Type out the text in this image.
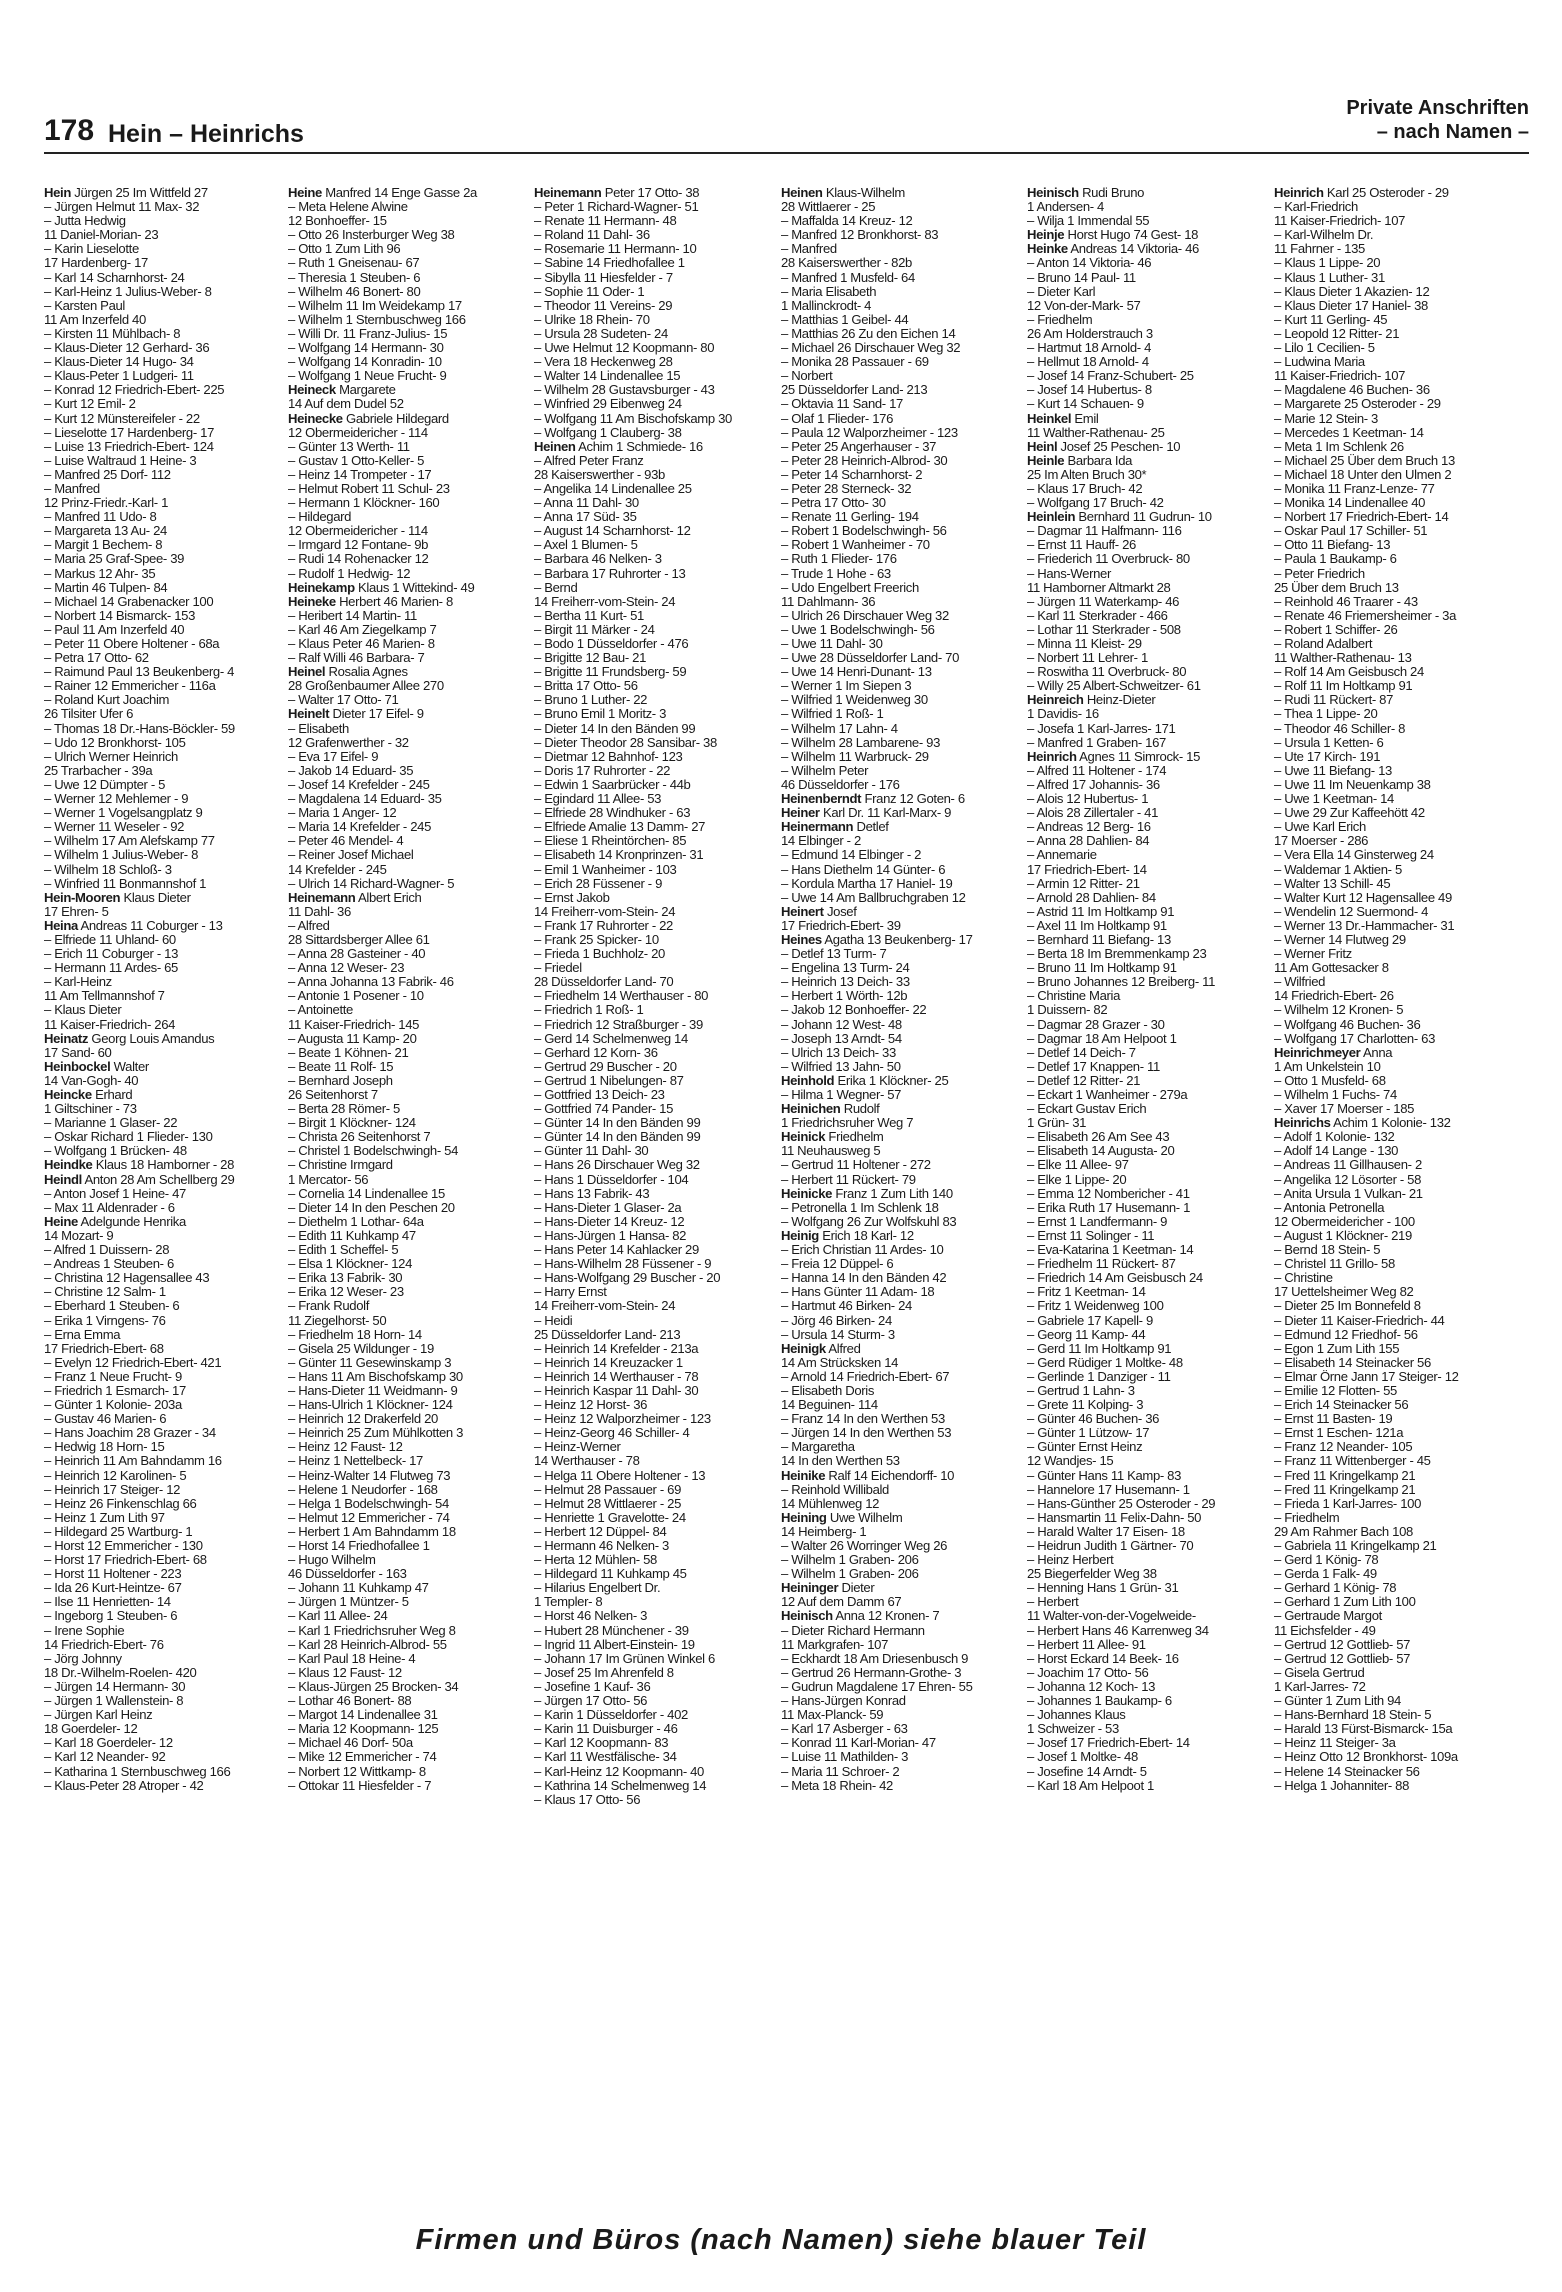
178 Hein – Heinrichs
Private Anschriften
– nach Namen –
Hein Jürgen 25 Im Wittfeld 27
– Jürgen Helmut 11 Max- 32
– Jutta Hedwig
11 Daniel-Morian- 23
– Karin Lieselotte
17 Hardenberg- 17
– Karl 14 Scharnhorst- 24
– Karl-Heinz 1 Julius-Weber- 8
– Karsten Paul
11 Am Inzerfeld 40
– Kirsten 11 Mühlbach- 8
– Klaus-Dieter 12 Gerhard- 36
– Klaus-Dieter 14 Hugo- 34
– Klaus-Peter 1 Ludgeri- 11
– Konrad 12 Friedrich-Ebert- 225
– Kurt 12 Emil- 2
– Kurt 12 Münstereifeler - 22
– Lieselotte 17 Hardenberg- 17
– Luise 13 Friedrich-Ebert- 124
– Luise Waltraud 1 Heine- 3
– Manfred 25 Dorf- 112
– Manfred
12 Prinz-Friedr.-Karl- 1
– Manfred 11 Udo- 8
– Margareta 13 Au- 24
– Margit 1 Bechem- 8
– Maria 25 Graf-Spee- 39
– Markus 12 Ahr- 35
– Martin 46 Tulpen- 84
– Michael 14 Grabenacker 100
– Norbert 14 Bismarck- 153
– Paul 11 Am Inzerfeld 40
– Peter 11 Obere Holtener - 68a
– Petra 17 Otto- 62
– Raimund Paul 13 Beukenberg- 4
– Rainer 12 Emmericher - 116a
– Roland Kurt Joachim
26 Tilsiter Ufer 6
– Thomas 18 Dr.-Hans-Böckler- 59
– Udo 12 Bronkhorst- 105
– Ulrich Werner Heinrich
25 Trarbacher - 39a
– Uwe 12 Dümpter - 5
– Werner 12 Mehlemer - 9
– Werner 1 Vogelsangplatz 9
– Werner 11 Weseler - 92
– Wilhelm 17 Am Alefskamp 77
– Wilhelm 1 Julius-Weber- 8
– Wilhelm 18 Schloß- 3
– Winfried 11 Bonmannshof 1
Hein-Mooren Klaus Dieter
17 Ehren- 5
Heina Andreas 11 Coburger - 13
– Elfriede 11 Uhland- 60
– Erich 11 Coburger - 13
– Hermann 11 Ardes- 65
– Karl-Heinz
11 Am Tellmannshof 7
– Klaus Dieter
11 Kaiser-Friedrich- 264
Heinatz Georg Louis Amandus
17 Sand- 60
Heinbockel Walter
14 Van-Gogh- 40
Heincke Erhard
1 Giltschiner - 73
– Marianne 1 Glaser- 22
– Oskar Richard 1 Flieder- 130
– Wolfgang 1 Brücken- 48
Heindke Klaus 18 Hamborner - 28
Heindl Anton 28 Am Schellberg 29
– Anton Josef 1 Heine- 47
– Max 11 Aldenrader - 6
Heine Adelgunde Henrika
14 Mozart- 9
– Alfred 1 Duissern- 28
– Andreas 1 Steuben- 6
– Christina 12 Hagensallee 43
– Christine 12 Salm- 1
– Eberhard 1 Steuben- 6
– Erika 1 Virngens- 76
– Erna Emma
17 Friedrich-Ebert- 68
– Evelyn 12 Friedrich-Ebert- 421
– Franz 1 Neue Frucht- 9
– Friedrich 1 Esmarch- 17
– Günter 1 Kolonie- 203a
– Gustav 46 Marien- 6
– Hans Joachim 28 Grazer - 34
– Hedwig 18 Horn- 15
– Heinrich 11 Am Bahndamm 16
– Heinrich 12 Karolinen- 5
– Heinrich 17 Steiger- 12
– Heinz 26 Finkenschlag 66
– Heinz 1 Zum Lith 97
– Hildegard 25 Wartburg- 1
– Horst 12 Emmericher - 130
– Horst 17 Friedrich-Ebert- 68
– Horst 11 Holtener - 223
– Ida 26 Kurt-Heintze- 67
– Ilse 11 Henrietten- 14
– Ingeborg 1 Steuben- 6
– Irene Sophie
14 Friedrich-Ebert- 76
– Jörg Johnny
18 Dr.-Wilhelm-Roelen- 420
– Jürgen 14 Hermann- 30
– Jürgen 1 Wallenstein- 8
– Jürgen Karl Heinz
18 Goerdeler- 12
– Karl 18 Goerdeler- 12
– Karl 12 Neander- 92
– Katharina 1 Sternbuschweg 166
– Klaus-Peter 28 Atroper - 42
Heine Manfred 14 Enge Gasse 2a
– Meta Helene Alwine
12 Bonhoeffer- 15
– Otto 26 Insterburger Weg 38
– Otto 1 Zum Lith 96
– Ruth 1 Gneisenau- 67
– Theresia 1 Steuben- 6
– Wilhelm 46 Bonert- 80
– Wilhelm 11 Im Weidekamp 17
– Wilhelm 1 Sternbuschweg 166
– Willi Dr. 11 Franz-Julius- 15
– Wolfgang 14 Hermann- 30
– Wolfgang 14 Konradin- 10
– Wolfgang 1 Neue Frucht- 9
Heineck Margarete
14 Auf dem Dudel 52
Heinecke Gabriele Hildegard
12 Obermeidericher - 114
– Günter 13 Werth- 11
– Gustav 1 Otto-Keller- 5
– Heinz 14 Trompeter - 17
– Helmut Robert 11 Schul- 23
– Hermann 1 Klöckner- 160
– Hildegard
12 Obermeidericher - 114
– Irmgard 12 Fontane- 9b
– Rudi 14 Rohenacker 12
– Rudolf 1 Hedwig- 12
Heinekamp Klaus 1 Wittekind- 49
Heineke Herbert 46 Marien- 8
– Heribert 14 Martin- 11
– Karl 46 Am Ziegelkamp 7
– Klaus Peter 46 Marien- 8
– Ralf Willi 46 Barbara- 7
Heinel Rosalia Agnes
28 Großenbaumer Allee 270
– Walter 17 Otto- 71
Heinelt Dieter 17 Eifel- 9
– Elisabeth
12 Grafenwerther - 32
– Eva 17 Eifel- 9
– Jakob 14 Eduard- 35
– Josef 14 Krefelder - 245
– Magdalena 14 Eduard- 35
– Maria 1 Anger- 12
– Maria 14 Krefelder - 245
– Peter 46 Mendel- 4
– Reiner Josef Michael
14 Krefelder - 245
– Ulrich 14 Richard-Wagner- 5
Heinemann Albert Erich
11 Dahl- 36
– Alfred
28 Sittardsberger Allee 61
– Anna 28 Gasteiner - 40
– Anna 12 Weser- 23
– Anna Johanna 13 Fabrik- 46
– Antonie 1 Posener - 10
– Antoinette
11 Kaiser-Friedrich- 145
– Augusta 11 Kamp- 20
– Beate 1 Köhnen- 21
– Beate 11 Rolf- 15
– Bernhard Joseph
26 Seitenhorst 7
– Berta 28 Römer- 5
– Birgit 1 Klöckner- 124
– Christa 26 Seitenhorst 7
– Christel 1 Bodelschwingh- 54
– Christine Irmgard
1 Mercator- 56
– Cornelia 14 Lindenallee 15
– Dieter 14 In den Peschen 20
– Diethelm 1 Lothar- 64a
– Edith 11 Kuhkamp 47
– Edith 1 Scheffel- 5
– Elsa 1 Klöckner- 124
– Erika 13 Fabrik- 30
– Erika 12 Weser- 23
– Frank Rudolf
11 Ziegelhorst- 50
– Friedhelm 18 Horn- 14
– Gisela 25 Wildunger - 19
– Günter 11 Gesewinskamp 3
– Hans 11 Am Bischofskamp 30
– Hans-Dieter 11 Weidmann- 9
– Hans-Ulrich 1 Klöckner- 124
– Heinrich 12 Drakerfeld 20
– Heinrich 25 Zum Mühlkotten 3
– Heinz 12 Faust- 12
– Heinz 1 Nettelbeck- 17
– Heinz-Walter 14 Flutweg 73
– Helene 1 Neudorfer - 168
– Helga 1 Bodelschwingh- 54
– Helmut 12 Emmericher - 74
– Herbert 1 Am Bahndamm 18
– Horst 14 Friedhofallee 1
– Hugo Wilhelm
46 Düsseldorfer - 163
– Johann 11 Kuhkamp 47
– Jürgen 1 Müntzer- 5
– Karl 11 Allee- 24
– Karl 1 Friedrichsruher Weg 8
– Karl 28 Heinrich-Albrod- 55
– Karl Paul 18 Heine- 4
– Klaus 12 Faust- 12
– Klaus-Jürgen 25 Brocken- 34
– Lothar 46 Bonert- 88
– Margot 14 Lindenallee 31
– Maria 12 Koopmann- 125
– Michael 46 Dorf- 50a
– Mike 12 Emmericher - 74
– Norbert 12 Wittkamp- 8
– Ottokar 11 Hiesfelder - 7
Heinemann Peter 17 Otto- 38
– Peter 1 Richard-Wagner- 51
– Renate 11 Hermann- 48
– Roland 11 Dahl- 36
– Rosemarie 11 Hermann- 10
– Sabine 14 Friedhofallee 1
– Sibylla 11 Hiesfelder - 7
– Sophie 11 Oder- 1
– Theodor 11 Vereins- 29
– Ulrike 18 Rhein- 70
– Ursula 28 Sudeten- 24
– Uwe Helmut 12 Koopmann- 80
– Vera 18 Heckenweg 28
– Walter 14 Lindenallee 15
– Wilhelm 28 Gustavsburger - 43
– Winfried 29 Eibenweg 24
– Wolfgang 11 Am Bischofskamp 30
– Wolfgang 1 Clauberg- 38
Heinen Achim 1 Schmiede- 16
– Alfred Peter Franz
28 Kaiserswerther - 93b
– Angelika 14 Lindenallee 25
– Anna 11 Dahl- 30
– Anna 17 Süd- 35
– August 14 Scharnhorst- 12
– Axel 1 Blumen- 5
– Barbara 46 Nelken- 3
– Barbara 17 Ruhrorter - 13
– Bernd
14 Freiherr-vom-Stein- 24
– Bertha 11 Kurt- 51
– Birgit 11 Märker - 24
– Bodo 1 Düsseldorfer - 476
– Brigitte 12 Bau- 21
– Brigitte 11 Frundsberg- 59
– Britta 17 Otto- 56
– Bruno 1 Luther- 22
– Bruno Emil 1 Moritz- 3
– Dieter 14 In den Bänden 99
– Dieter Theodor 28 Sansibar- 38
– Dietmar 12 Bahnhof- 123
– Doris 17 Ruhrorter - 22
– Edwin 1 Saarbrücker - 44b
– Egindard 11 Allee- 53
– Elfriede 28 Windhuker - 63
– Elfriede Amalie 13 Damm- 27
– Eliese 1 Rheintörchen- 85
– Elisabeth 14 Kronprinzen- 31
– Emil 1 Wanheimer - 103
– Erich 28 Füssener - 9
– Ernst Jakob
14 Freiherr-vom-Stein- 24
– Frank 17 Ruhrorter - 22
– Frank 25 Spicker- 10
– Frieda 1 Buchholz- 20
– Friedel
28 Düsseldorfer Land- 70
– Friedhelm 14 Werthauser - 80
– Friedrich 1 Roß- 1
– Friedrich 12 Straßburger - 39
– Gerd 14 Schelmenweg 14
– Gerhard 12 Korn- 36
– Gertrud 29 Buscher - 20
– Gertrud 1 Nibelungen- 87
– Gottfried 13 Deich- 23
– Gottfried 74 Pander- 15
– Günter 14 In den Bänden 99
– Günter 14 In den Bänden 99
– Günter 11 Dahl- 30
– Hans 26 Dirschauer Weg 32
– Hans 1 Düsseldorfer - 104
– Hans 13 Fabrik- 43
– Hans-Dieter 1 Glaser- 2a
– Hans-Dieter 14 Kreuz- 12
– Hans-Jürgen 1 Hansa- 82
– Hans Peter 14 Kahlacker 29
– Hans-Wilhelm 28 Füssener - 9
– Hans-Wolfgang 29 Buscher - 20
– Harry Ernst
14 Freiherr-vom-Stein- 24
– Heidi
25 Düsseldorfer Land- 213
– Heinrich 14 Krefelder - 213a
– Heinrich 14 Kreuzacker 1
– Heinrich 14 Werthauser - 78
– Heinrich Kaspar 11 Dahl- 30
– Heinz 12 Horst- 36
– Heinz 12 Walporzheimer - 123
– Heinz-Georg 46 Schiller- 4
– Heinz-Werner
14 Werthauser - 78
– Helga 11 Obere Holtener - 13
– Helmut 28 Passauer - 69
– Helmut 28 Wittlaerer - 25
– Henriette 1 Gravelotte- 24
– Herbert 12 Düppel- 84
– Hermann 46 Nelken- 3
– Herta 12 Mühlen- 58
– Hildegard 11 Kuhkamp 45
– Hilarius Engelbert Dr.
1 Templer- 8
– Horst 46 Nelken- 3
– Hubert 28 Münchener - 39
– Ingrid 11 Albert-Einstein- 19
– Johann 17 Im Grünen Winkel 6
– Josef 25 Im Ahrenfeld 8
– Josefine 1 Kauf- 36
– Jürgen 17 Otto- 56
– Karin 1 Düsseldorfer - 402
– Karin 11 Duisburger - 46
– Karl 12 Koopmann- 83
– Karl 11 Westfälische- 34
– Karl-Heinz 12 Koopmann- 40
– Kathrina 14 Schelmenweg 14
– Klaus 17 Otto- 56
Heinen Klaus-Wilhelm
28 Wittlaerer - 25
– Maffalda 14 Kreuz- 12
– Manfred 12 Bronkhorst- 83
– Manfred
28 Kaiserswerther - 82b
– Manfred 1 Musfeld- 64
– Maria Elisabeth
1 Mallinckrodt- 4
– Matthias 1 Geibel- 44
– Matthias 26 Zu den Eichen 14
– Michael 26 Dirschauer Weg 32
– Monika 28 Passauer - 69
– Norbert
25 Düsseldorfer Land- 213
– Oktavia 11 Sand- 17
– Olaf 1 Flieder- 176
– Paula 12 Walporzheimer - 123
– Peter 25 Angerhauser - 37
– Peter 28 Heinrich-Albrod- 30
– Peter 14 Scharnhorst- 2
– Peter 28 Sterneck- 32
– Petra 17 Otto- 30
– Renate 11 Gerling- 194
– Robert 1 Bodelschwingh- 56
– Robert 1 Wanheimer - 70
– Ruth 1 Flieder- 176
– Trude 1 Hohe - 63
– Udo Engelbert Freerich
11 Dahlmann- 36
– Ulrich 26 Dirschauer Weg 32
– Uwe 1 Bodelschwingh- 56
– Uwe 11 Dahl- 30
– Uwe 28 Düsseldorfer Land- 70
– Uwe 14 Henri-Dunant- 13
– Werner 1 Im Siepen 3
– Wilfried 1 Weidenweg 30
– Wilfried 1 Roß- 1
– Wilhelm 17 Lahn- 4
– Wilhelm 28 Lambarene- 93
– Wilhelm 11 Warbruck- 29
– Wilhelm Peter
46 Düsseldorfer - 176
Heinenberndt Franz 12 Goten- 6
Heiner Karl Dr. 11 Karl-Marx- 9
Heinermann Detlef
14 Elbinger - 2
– Edmund 14 Elbinger - 2
– Hans Diethelm 14 Günter- 6
– Kordula Martha 17 Haniel- 19
– Uwe 14 Am Ballbruchgraben 12
Heinert Josef
17 Friedrich-Ebert- 39
Heines Agatha 13 Beukenberg- 17
– Detlef 13 Turm- 7
– Engelina 13 Turm- 24
– Heinrich 13 Deich- 33
– Herbert 1 Wörth- 12b
– Jakob 12 Bonhoeffer- 22
– Johann 12 West- 48
– Joseph 13 Arndt- 54
– Ulrich 13 Deich- 33
– Wilfried 13 Jahn- 50
Heinhold Erika 1 Klöckner- 25
– Hilma 1 Wegner- 57
Heinichen Rudolf
1 Friedrichsruher Weg 7
Heinick Friedhelm
11 Neuhausweg 5
– Gertrud 11 Holtener - 272
– Herbert 11 Rückert- 79
Heinicke Franz 1 Zum Lith 140
– Petronella 1 Im Schlenk 18
– Wolfgang 26 Zur Wolfskuhl 83
Heinig Erich 18 Karl- 12
– Erich Christian 11 Ardes- 10
– Freia 12 Düppel- 6
– Hanna 14 In den Bänden 42
– Hans Günter 11 Adam- 18
– Hartmut 46 Birken- 24
– Jörg 46 Birken- 24
– Ursula 14 Sturm- 3
Heinigk Alfred
14 Am Strücksken 14
– Arnold 14 Friedrich-Ebert- 67
– Elisabeth Doris
14 Beguinen- 114
– Franz 14 In den Werthen 53
– Jürgen 14 In den Werthen 53
– Margaretha
14 In den Werthen 53
Heinike Ralf 14 Eichendorff- 10
– Reinhold Willibald
14 Mühlenweg 12
Heining Uwe Wilhelm
14 Heimberg- 1
– Walter 26 Worringer Weg 26
– Wilhelm 1 Graben- 206
– Wilhelm 1 Graben- 206
Heininger Dieter
12 Auf dem Damm 67
Heinisch Anna 12 Kronen- 7
– Dieter Richard Hermann
11 Markgrafen- 107
– Eckhardt 18 Am Driesenbusch 9
– Gertrud 26 Hermann-Grothe- 3
– Gudrun Magdalene 17 Ehren- 55
– Hans-Jürgen Konrad
11 Max-Planck- 59
– Karl 17 Asberger - 63
– Konrad 11 Karl-Morian- 47
– Luise 11 Mathilden- 3
– Maria 11 Schroer- 2
– Meta 18 Rhein- 42
Heinisch Rudi Bruno
1 Andersen- 4
– Wilja 1 Immendal 55
Heinje Horst Hugo 74 Gest- 18
Heinke Andreas 14 Viktoria- 46
– Anton 14 Viktoria- 46
– Bruno 14 Paul- 11
– Dieter Karl
12 Von-der-Mark- 57
– Friedhelm
26 Am Holderstrauch 3
– Hartmut 18 Arnold- 4
– Hellmut 18 Arnold- 4
– Josef 14 Franz-Schubert- 25
– Josef 14 Hubertus- 8
– Kurt 14 Schauen- 9
Heinkel Emil
11 Walther-Rathenau- 25
Heinl Josef 25 Peschen- 10
Heinle Barbara Ida
25 Im Alten Bruch 30*
– Klaus 17 Bruch- 42
– Wolfgang 17 Bruch- 42
Heinlein Bernhard 11 Gudrun- 10
– Dagmar 11 Halfmann- 116
– Ernst 11 Hauff- 26
– Friederich 11 Overbruck- 80
– Hans-Werner
11 Hamborner Altmarkt 28
– Jürgen 11 Waterkamp- 46
– Karl 11 Sterkrader - 466
– Lothar 11 Sterkrader - 508
– Minna 11 Kleist- 29
– Norbert 11 Lehrer- 1
– Roswitha 11 Overbruck- 80
– Willy 25 Albert-Schweitzer- 61
Heinreich Heinz-Dieter
1 Davidis- 16
– Josefa 1 Karl-Jarres- 171
– Manfred 1 Graben- 167
Heinrich Agnes 11 Simrock- 15
– Alfred 11 Holtener - 174
– Alfred 17 Johannis- 36
– Alois 12 Hubertus- 1
– Alois 28 Zillertaler - 41
– Andreas 12 Berg- 16
– Anna 28 Dahlien- 84
– Annemarie
17 Friedrich-Ebert- 14
– Armin 12 Ritter- 21
– Arnold 28 Dahlien- 84
– Astrid 11 Im Holtkamp 91
– Axel 11 Im Holtkamp 91
– Bernhard 11 Biefang- 13
– Berta 18 Im Bremmenkamp 23
– Bruno 11 Im Holtkamp 91
– Bruno Johannes 12 Breiberg- 11
– Christine Maria
1 Duissern- 82
– Dagmar 28 Grazer - 30
– Dagmar 18 Am Helpoot 1
– Detlef 14 Deich- 7
– Detlef 17 Knappen- 11
– Detlef 12 Ritter- 21
– Eckart 1 Wanheimer - 279a
– Eckart Gustav Erich
1 Grün- 31
– Elisabeth 26 Am See 43
– Elisabeth 14 Augusta- 20
– Elke 11 Allee- 97
– Elke 1 Lippe- 20
– Emma 12 Nombericher - 41
– Erika Ruth 17 Husemann- 1
– Ernst 1 Landfermann- 9
– Ernst 11 Solinger - 11
– Eva-Katarina 1 Keetman- 14
– Friedhelm 11 Rückert- 87
– Friedrich 14 Am Geisbusch 24
– Fritz 1 Keetman- 14
– Fritz 1 Weidenweg 100
– Gabriele 17 Kapell- 9
– Georg 11 Kamp- 44
– Gerd 11 Im Holtkamp 91
– Gerd Rüdiger 1 Moltke- 48
– Gerlinde 1 Danziger - 11
– Gertrud 1 Lahn- 3
– Grete 11 Kolping- 3
– Günter 46 Buchen- 36
– Günter 1 Lützow- 17
– Günter Ernst Heinz
12 Wandjes- 15
– Günter Hans 11 Kamp- 83
– Hannelore 17 Husemann- 1
– Hans-Günther 25 Osteroder - 29
– Hansmartin 11 Felix-Dahn- 50
– Harald Walter 17 Eisen- 18
– Heidrun Judith 1 Gärtner- 70
– Heinz Herbert
25 Biegerfelder Weg 38
– Henning Hans 1 Grün- 31
– Herbert
11 Walter-von-der-Vogelweide-
– Herbert Hans 46 Karrenweg 34
– Herbert 11 Allee- 91
– Horst Eckard 14 Beek- 16
– Joachim 17 Otto- 56
– Johanna 12 Koch- 13
– Johannes 1 Baukamp- 6
– Johannes Klaus
1 Schweizer - 53
– Josef 17 Friedrich-Ebert- 14
– Josef 1 Moltke- 48
– Josefine 14 Arndt- 5
– Karl 18 Am Helpoot 1
Heinrich Karl 25 Osteroder - 29
– Karl-Friedrich
11 Kaiser-Friedrich- 107
– Karl-Wilhelm Dr.
11 Fahrner - 135
– Klaus 1 Lippe- 20
– Klaus 1 Luther- 31
– Klaus Dieter 1 Akazien- 12
– Klaus Dieter 17 Haniel- 38
– Kurt 11 Gerling- 45
– Leopold 12 Ritter- 21
– Lilo 1 Cecilien- 5
– Ludwina Maria
11 Kaiser-Friedrich- 107
– Magdalene 46 Buchen- 36
– Margarete 25 Osteroder - 29
– Marie 12 Stein- 3
– Mercedes 1 Keetman- 14
– Meta 1 Im Schlenk 26
– Michael 25 Über dem Bruch 13
– Michael 18 Unter den Ulmen 2
– Monika 11 Franz-Lenze- 77
– Monika 14 Lindenallee 40
– Norbert 17 Friedrich-Ebert- 14
– Oskar Paul 17 Schiller- 51
– Otto 11 Biefang- 13
– Paula 1 Baukamp- 6
– Peter Friedrich
25 Über dem Bruch 13
– Reinhold 46 Traarer - 43
– Renate 46 Friemersheimer - 3a
– Robert 1 Schiffer- 26
– Roland Adalbert
11 Walther-Rathenau- 13
– Rolf 14 Am Geisbusch 24
– Rolf 11 Im Holtkamp 91
– Rudi 11 Rückert- 87
– Thea 1 Lippe- 20
– Theodor 46 Schiller- 8
– Ursula 1 Ketten- 6
– Ute 17 Kirch- 191
– Uwe 11 Biefang- 13
– Uwe 11 Im Neuenkamp 38
– Uwe 1 Keetman- 14
– Uwe 29 Zur Kaffeehött 42
– Uwe Karl Erich
17 Moerser - 286
– Vera Ella 14 Ginsterweg 24
– Waldemar 1 Aktien- 5
– Walter 13 Schill- 45
– Walter Kurt 12 Hagensallee 49
– Wendelin 12 Suermond- 4
– Werner 13 Dr.-Hammacher- 31
– Werner 14 Flutweg 29
– Werner Fritz
11 Am Gottesacker 8
– Wilfried
14 Friedrich-Ebert- 26
– Wilhelm 12 Kronen- 5
– Wolfgang 46 Buchen- 36
– Wolfgang 17 Charlotten- 63
Heinrichmeyer Anna
1 Am Unkelstein 10
– Otto 1 Musfeld- 68
– Wilhelm 1 Fuchs- 74
– Xaver 17 Moerser - 185
Heinrichs Achim 1 Kolonie- 132
– Adolf 1 Kolonie- 132
– Adolf 14 Lange - 130
– Andreas 11 Gillhausen- 2
– Angelika 12 Lösorter - 58
– Anita Ursula 1 Vulkan- 21
– Antonia Petronella
12 Obermeidericher - 100
– August 1 Klöckner- 219
– Bernd 18 Stein- 5
– Christel 11 Grillo- 58
– Christine
17 Uettelsheimer Weg 82
– Dieter 25 Im Bonnefeld 8
– Dieter 11 Kaiser-Friedrich- 44
– Edmund 12 Friedhof- 56
– Egon 1 Zum Lith 155
– Elisabeth 14 Steinacker 56
– Elmar Örne Jann 17 Steiger- 12
– Emilie 12 Flotten- 55
– Erich 14 Steinacker 56
– Ernst 11 Basten- 19
– Ernst 1 Eschen- 121a
– Franz 12 Neander- 105
– Franz 11 Wittenberger - 45
– Fred 11 Kringelkamp 21
– Fred 11 Kringelkamp 21
– Frieda 1 Karl-Jarres- 100
– Friedhelm
29 Am Rahmer Bach 108
– Gabriela 11 Kringelkamp 21
– Gerd 1 König- 78
– Gerda 1 Falk- 49
– Gerhard 1 König- 78
– Gerhard 1 Zum Lith 100
– Gertraude Margot
11 Eichsfelder - 49
– Gertrud 12 Gottlieb- 57
– Gertrud 12 Gottlieb- 57
– Gisela Gertrud
1 Karl-Jarres- 72
– Günter 1 Zum Lith 94
– Hans-Bernhard 18 Stein- 5
– Harald 13 Fürst-Bismarck- 15a
– Heinz 11 Steiger- 3a
– Heinz Otto 12 Bronkhorst- 109a
– Helene 14 Steinacker 56
– Helga 1 Johanniter- 88
Firmen und Büros (nach Namen) siehe blauer Teil
